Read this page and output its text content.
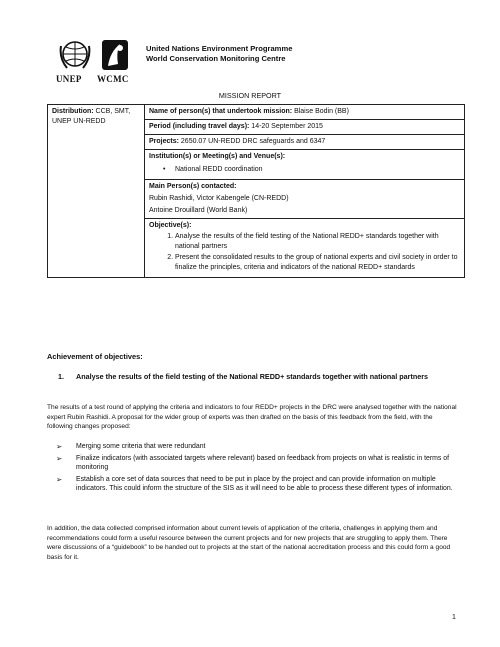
UNEP WCMC
United Nations Environment Programme
World Conservation Monitoring Centre
MISSION REPORT
Distribution: CCB, SMT, UNEP UN-REDD	Name of person(s) that undertook mission: Blaise Bodin (BB)
Period (including travel days): 14-20 September 2015
Projects: 2650.07 UN-REDD DRC safeguards and 6347

Institution(s) or Meeting(s) and Venue(s):
• National REDD coordination

Main Person(s) contacted:
Rubin Rashidi, Victor Kabengele (CN-REDD)
Antoine Drouillard (World Bank)

Objective(s):
1. Analyse the results of the field testing of the National REDD+ standards together with national partners
2. Present the consolidated results to the group of national experts and civil society in order to finalize the principles, criteria and indicators of the national REDD+ standards
Achievement of objectives:
1. Analyse the results of the field testing of the National REDD+ standards together with national partners
The results of a test round of applying the criteria and indicators to four REDD+ projects in the DRC were analysed together with the national expert Rubin Rashidi. A proposal for the wider group of experts was then drafted on the basis of this feedback from the field, with the following changes proposed:
➢ Merging some criteria that were redundant
➢ Finalize indicators (with associated targets where relevant) based on feedback from projects on what is realistic in terms of monitoring
➢ Establish a core set of data sources that need to be put in place by the project and can provide information on multiple indicators. This could inform the structure of the SIS as it will need to be able to process these different types of information.
In addition, the data collected comprised information about current levels of application of the criteria, challenges in applying them and recommendations could form a useful resource between the current projects and for new projects that are struggling to apply them. There were discussions of a “guidebook” to be handed out to projects at the start of the national accreditation process and this could form a good basis for it.
1
